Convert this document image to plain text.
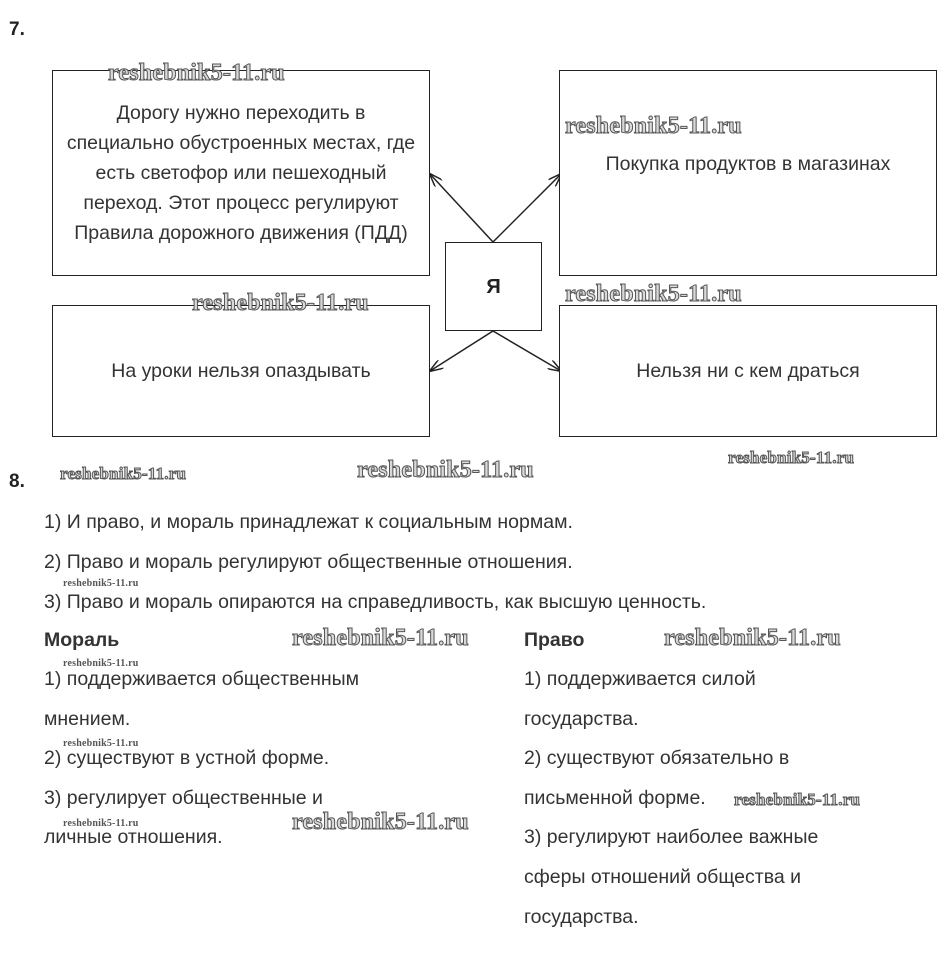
7.
Дорогу нужно переходить в специально обустроенных местах, где есть светофор или пешеходный переход. Этот процесс регулируют Правила дорожного движения (ПДД)
Покупка продуктов в магазинах
На уроки нельзя опаздывать	Нельзя ни с кем драться
Я
8.
1) И право, и мораль принадлежат к социальным нормам.
2) Право и мораль регулируют общественные отношения.
3) Право и мораль опираются на справедливость, как высшую ценность.
Мораль
1) поддерживается общественным
мнением.
2) существуют в устной форме.
3) регулирует общественные и
личные отношения.
Право
1) поддерживается силой
государства.
2) существуют обязательно в
письменной форме.
3) регулируют наиболее важные
сферы отношений общества и
государства.
reshebnik5-11.ru
reshebnik5-11.ru
reshebnik5-11.ru	reshebnik5-11.ru
reshebnik5-11.ru	reshebnik5-11.ru	reshebnik5-11.ru
reshebnik5-11.ru
reshebnik5-11.ru	reshebnik5-11.ru
reshebnik5-11.ru
reshebnik5-11.ru
reshebnik5-11.ru
reshebnik5-11.ru	reshebnik5-11.ru
